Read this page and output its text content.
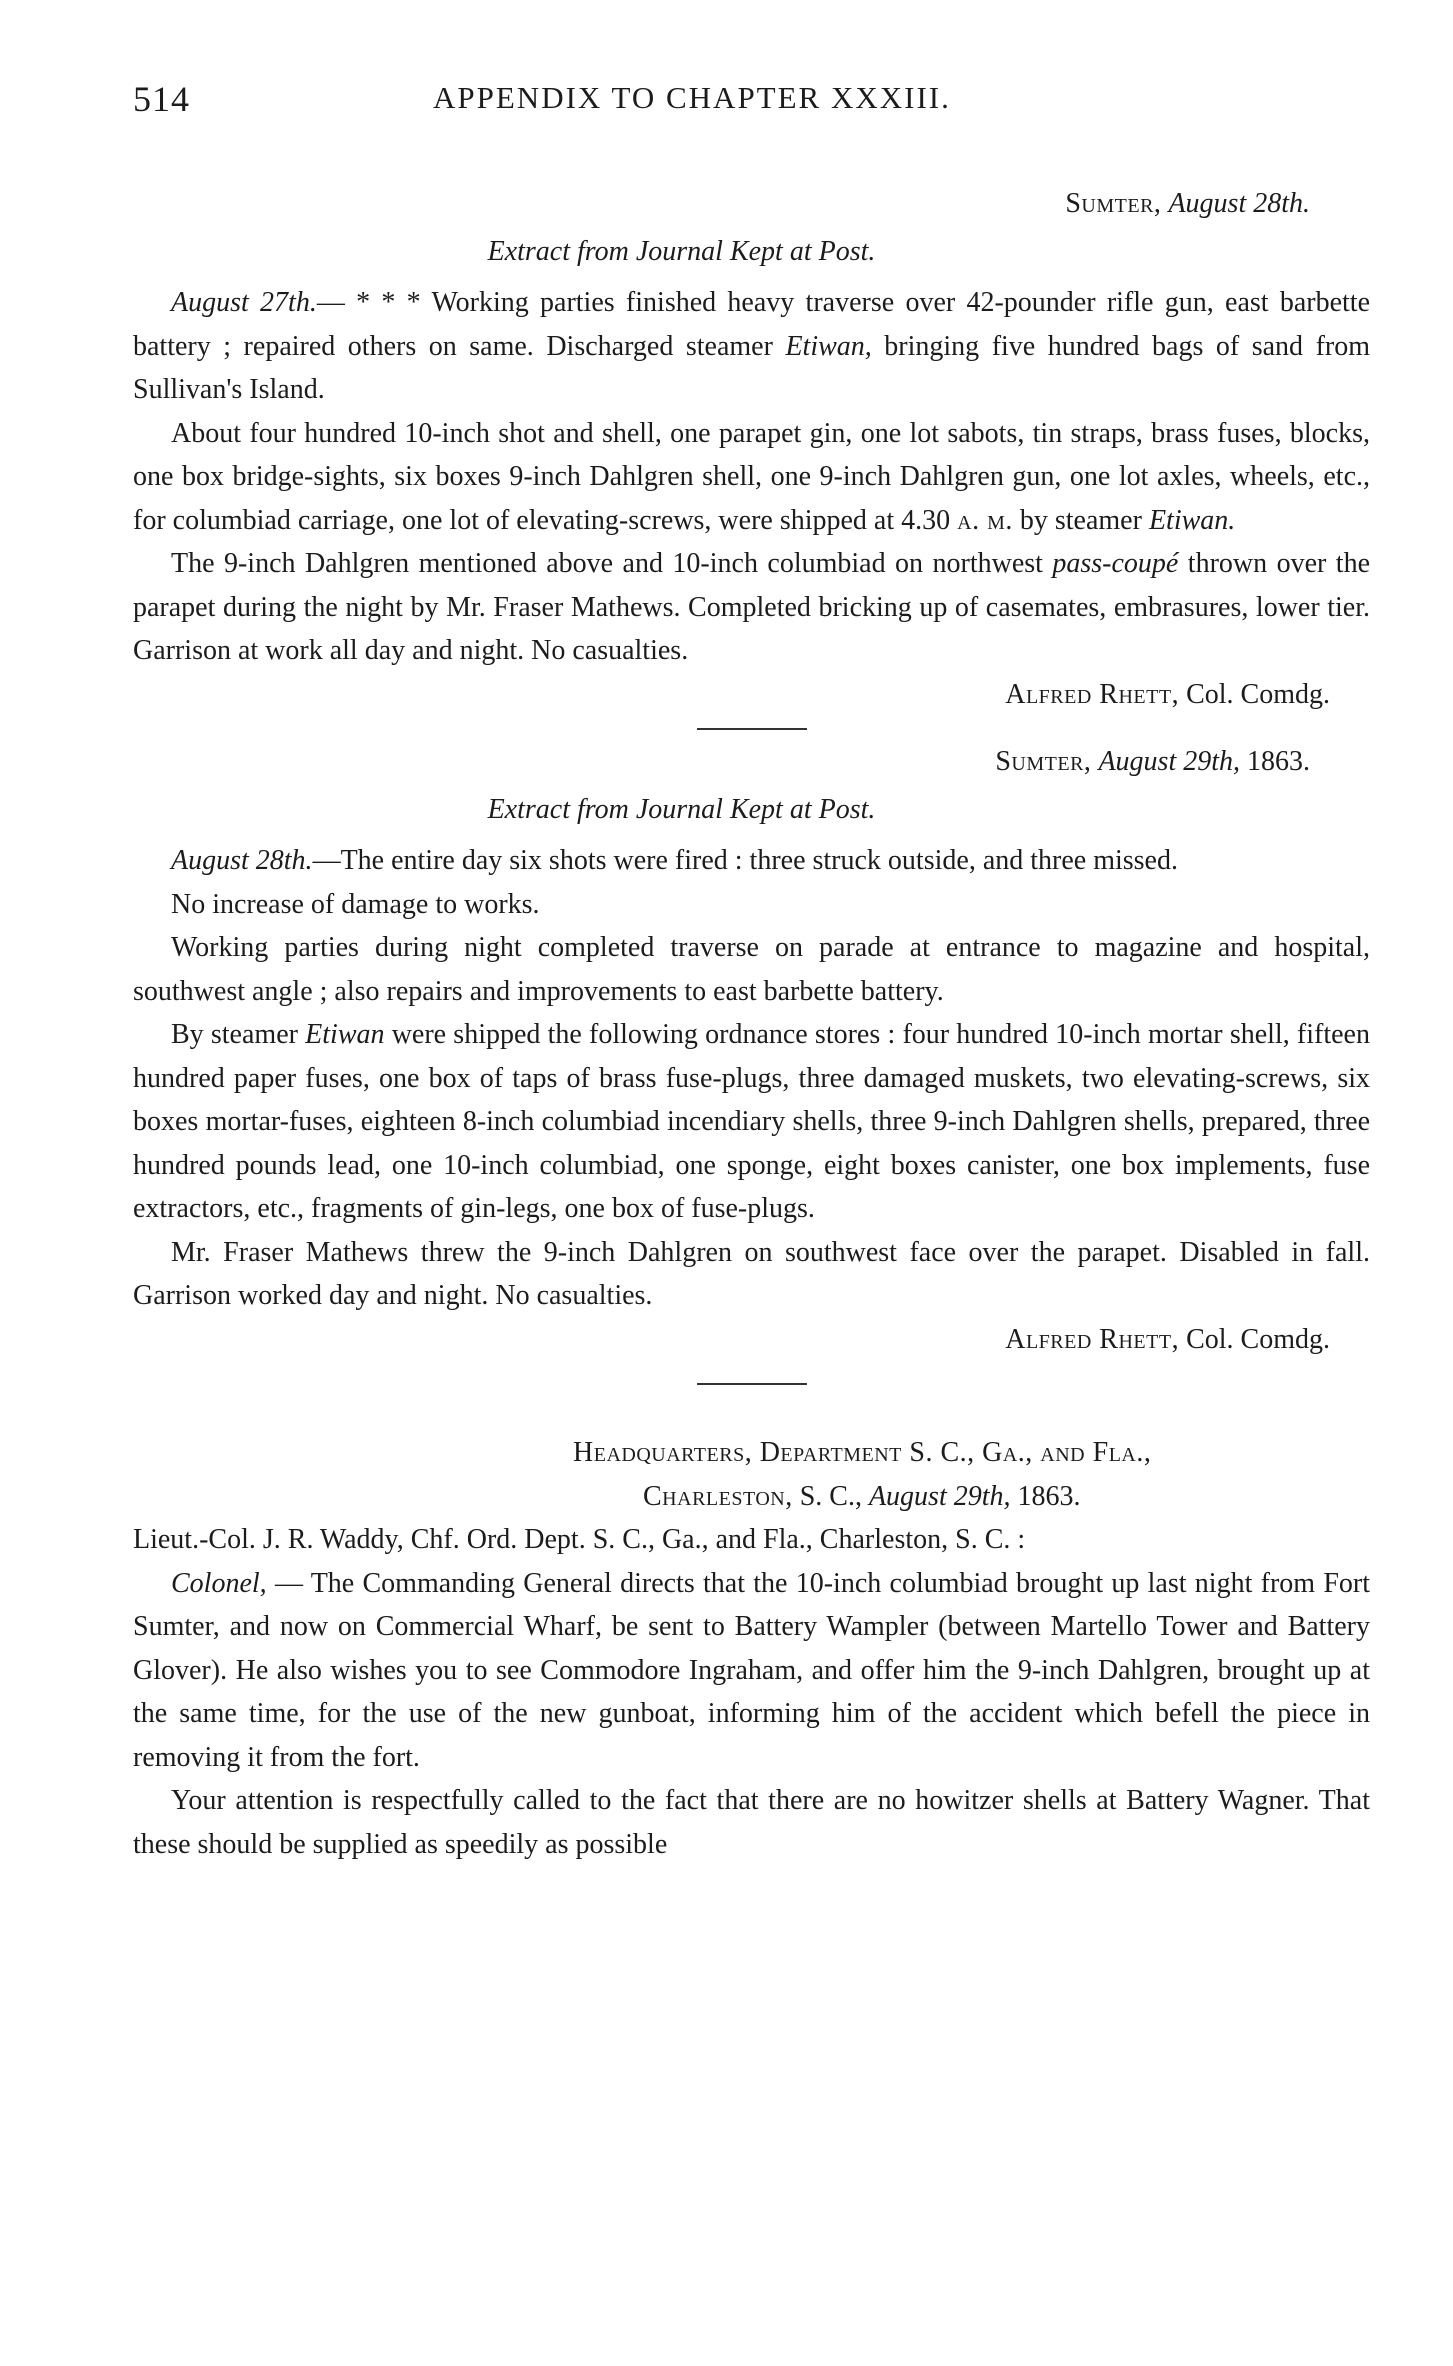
514	APPENDIX TO CHAPTER XXXIII.
Sumter, August 28th.
Extract from Journal Kept at Post.

August 27th.— * * * Working parties finished heavy traverse over 42-pounder rifle gun, east barbette battery ; repaired others on same. Discharged steamer Etiwan, bringing five hundred bags of sand from Sullivan's Island.

About four hundred 10-inch shot and shell, one parapet gin, one lot sabots, tin straps, brass fuses, blocks, one box bridge-sights, six boxes 9-inch Dahlgren shell, one 9-inch Dahlgren gun, one lot axles, wheels, etc., for columbiad carriage, one lot of elevating-screws, were shipped at 4.30 a. m. by steamer Etiwan.

The 9-inch Dahlgren mentioned above and 10-inch columbiad on northwest pass-coupé thrown over the parapet during the night by Mr. Fraser Mathews. Completed bricking up of casemates, embrasures, lower tier. Garrison at work all day and night. No casualties.

Alfred Rhett, Col. Comdg.
Sumter, August 29th, 1863.
Extract from Journal Kept at Post.

August 28th.—The entire day six shots were fired : three struck outside, and three missed.

No increase of damage to works.

Working parties during night completed traverse on parade at entrance to magazine and hospital, southwest angle ; also repairs and improvements to east barbette battery.

By steamer Etiwan were shipped the following ordnance stores : four hundred 10-inch mortar shell, fifteen hundred paper fuses, one box of taps of brass fuse-plugs, three damaged muskets, two elevating-screws, six boxes mortar-fuses, eighteen 8-inch columbiad incendiary shells, three 9-inch Dahlgren shells, prepared, three hundred pounds lead, one 10-inch columbiad, one sponge, eight boxes canister, one box implements, fuse extractors, etc., fragments of gin-legs, one box of fuse-plugs.

Mr. Fraser Mathews threw the 9-inch Dahlgren on southwest face over the parapet. Disabled in fall. Garrison worked day and night. No casualties.

Alfred Rhett, Col. Comdg.
Headquarters, Department S. C., Ga., and Fla.,
Charleston, S. C., August 29th, 1863.

Lieut.-Col. J. R. Waddy, Chf. Ord. Dept. S. C., Ga., and Fla., Charleston, S. C. :

Colonel, — The Commanding General directs that the 10-inch columbiad brought up last night from Fort Sumter, and now on Commercial Wharf, be sent to Battery Wampler (between Martello Tower and Battery Glover). He also wishes you to see Commodore Ingraham, and offer him the 9-inch Dahlgren, brought up at the same time, for the use of the new gunboat, informing him of the accident which befell the piece in removing it from the fort.

Your attention is respectfully called to the fact that there are no howitzer shells at Battery Wagner. That these should be supplied as speedily as possible
